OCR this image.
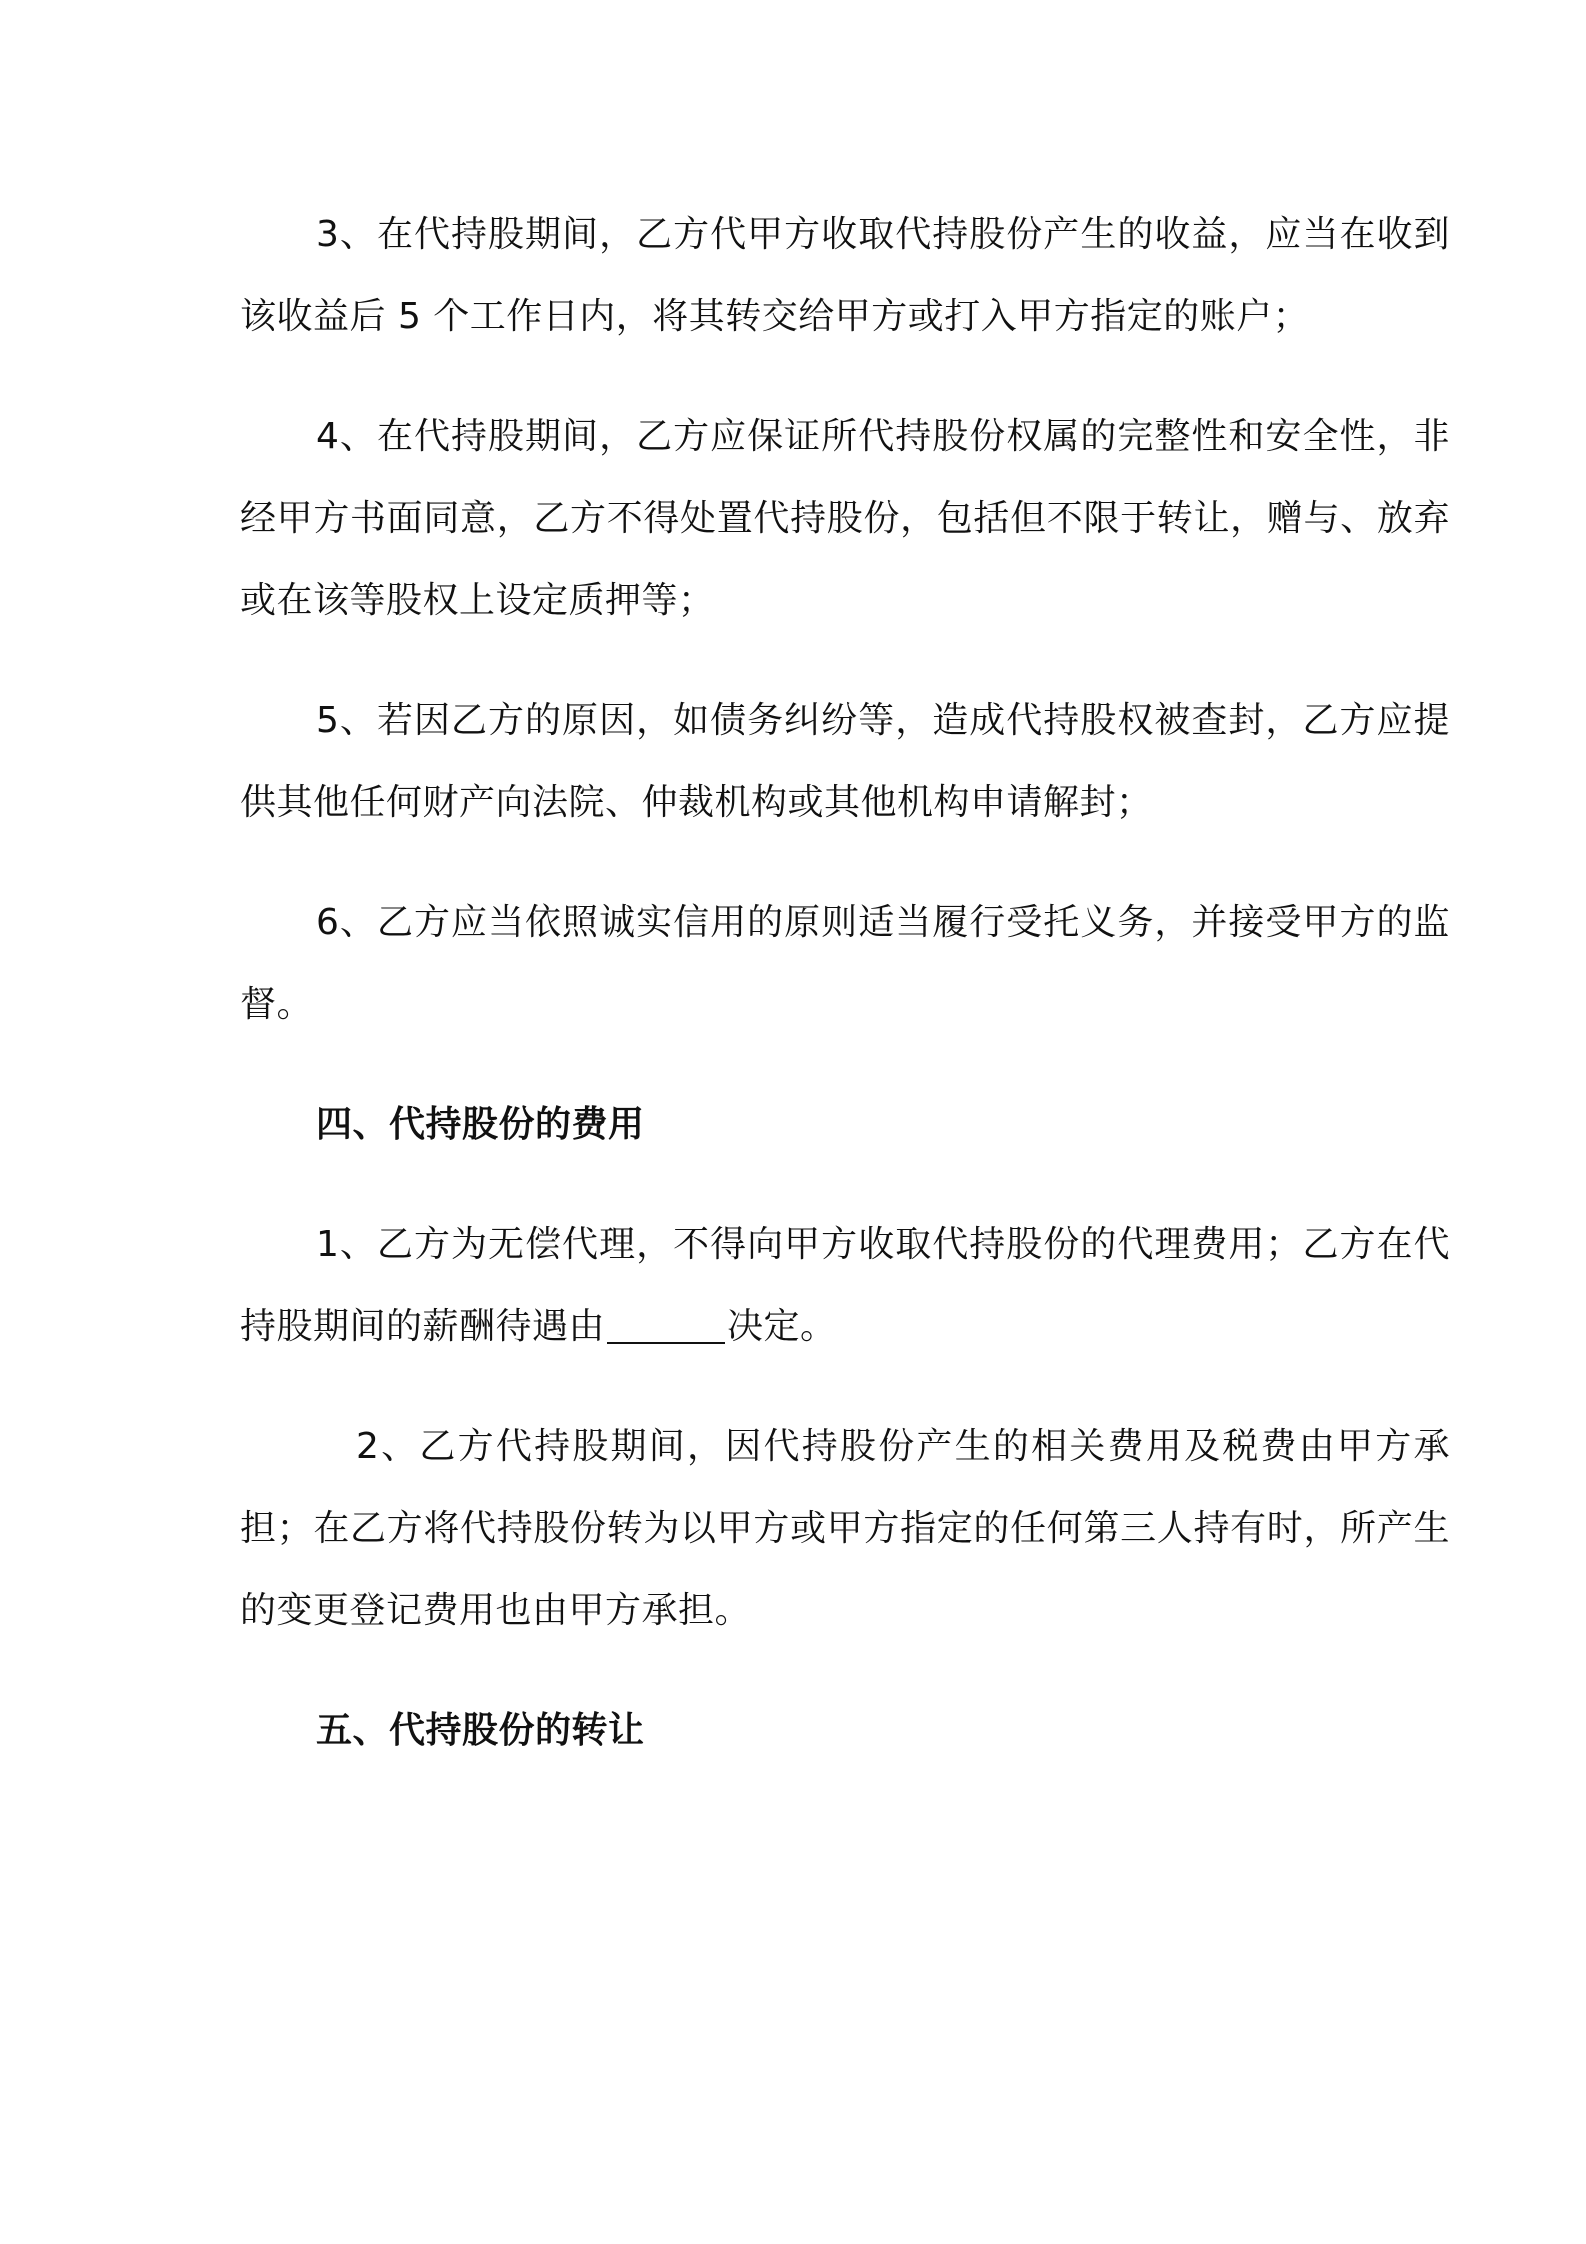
3、在代持股期间，乙方代甲方收取代持股份产生的收益，应当在收到该收益后 5 个工作日内，将其转交给甲方或打入甲方指定的账户；

4、在代持股期间，乙方应保证所代持股份权属的完整性和安全性，非经甲方书面同意，乙方不得处置代持股份，包括但不限于转让，赠与、放弃或在该等股权上设定质押等；

5、若因乙方的原因，如债务纠纷等，造成代持股权被查封，乙方应提供其他任何财产向法院、仲裁机构或其他机构申请解封；

6、乙方应当依照诚实信用的原则适当履行受托义务，并接受甲方的监督。

四、代持股份的费用

1、乙方为无偿代理，不得向甲方收取代持股份的代理费用；乙方在代持股期间的薪酬待遇由	决定。

2、乙方代持股期间，因代持股份产生的相关费用及税费由甲方承担；在乙方将代持股份转为以甲方或甲方指定的任何第三人持有时，所产生的变更登记费用也由甲方承担。

五、代持股份的转让
